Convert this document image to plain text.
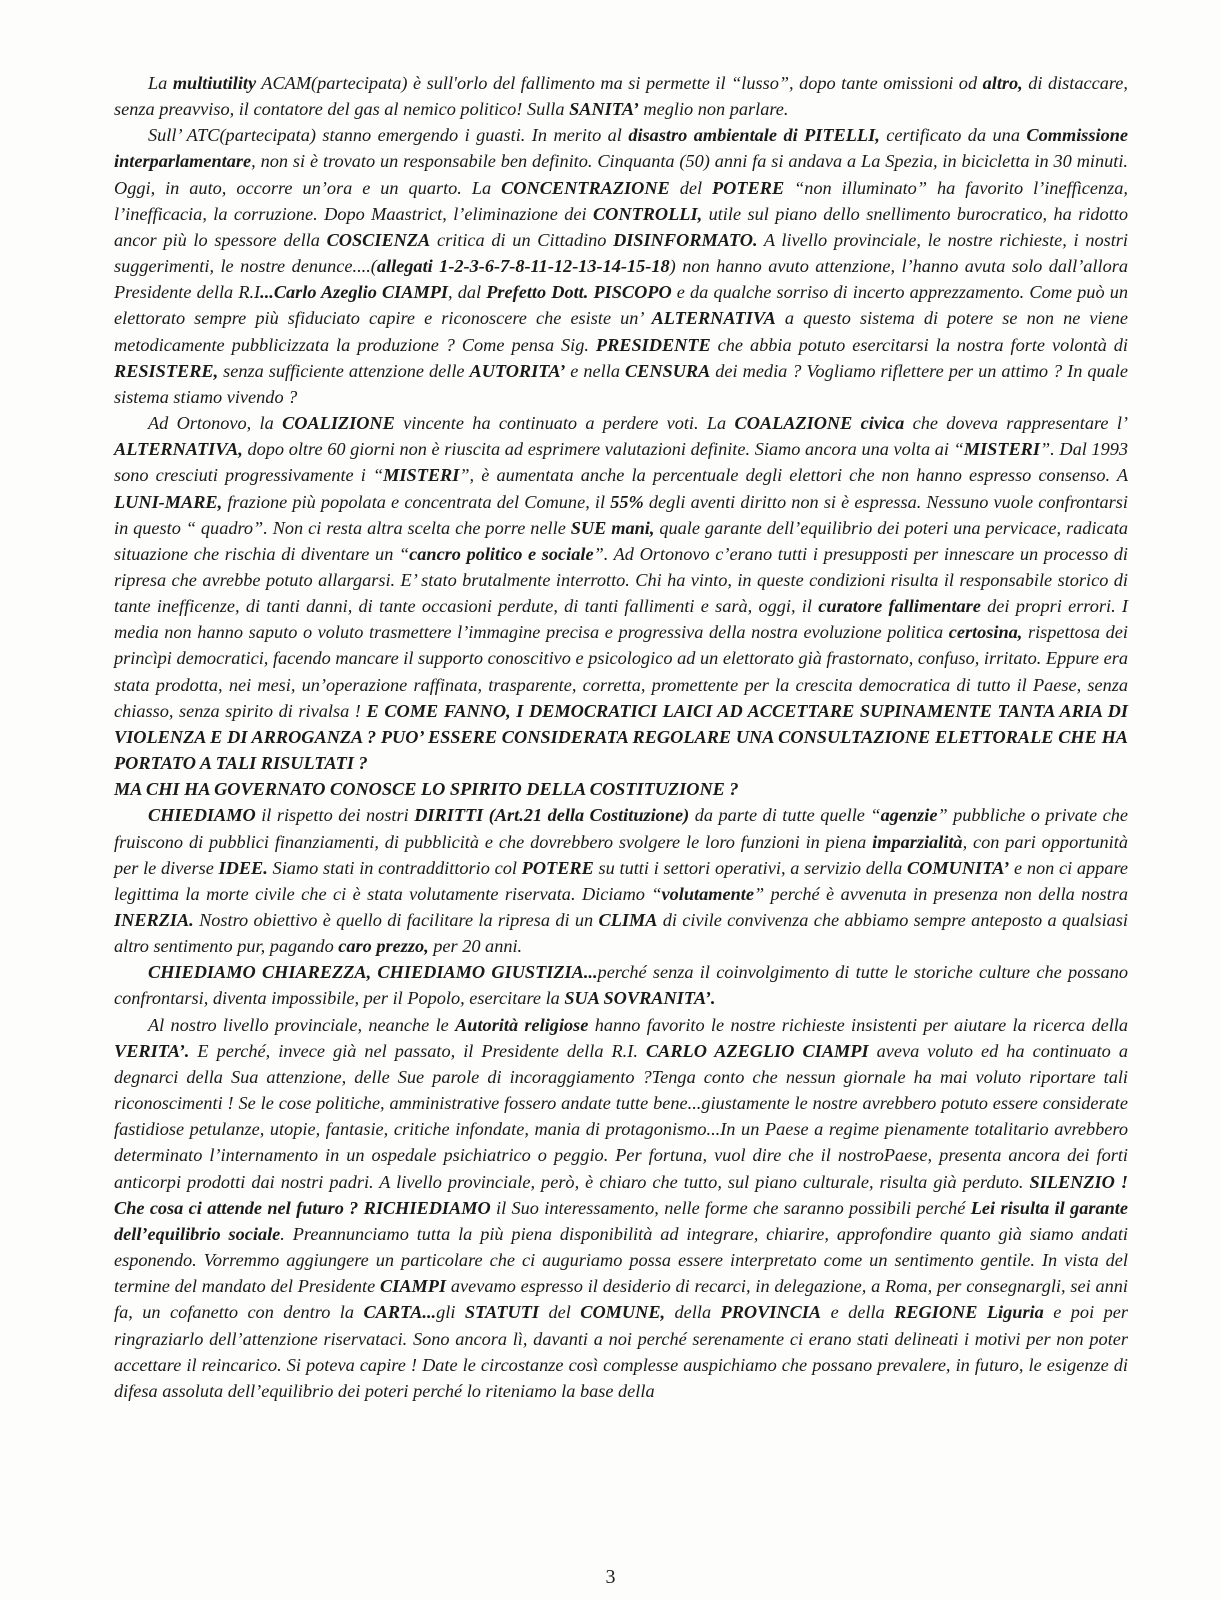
La multiutility ACAM(partecipata) è sull'orlo del fallimento ma si permette il “lusso”, dopo tante omissioni od altro, di distaccare, senza preavviso, il contatore del gas al nemico politico! Sulla SANITA’ meglio non parlare.

Sull’ ATC(partecipata) stanno emergendo i guasti. In merito al disastro ambientale di PITELLI, certificato da una Commissione interparlamentare, non si è trovato un responsabile ben definito. Cinquanta (50) anni fa si andava a La Spezia, in bicicletta in 30 minuti. Oggi, in auto, occorre un’ora e un quarto. La CONCENTRAZIONE del POTERE “non illuminato” ha favorito l’ineffìcenza, l’inefficacia, la corruzione. Dopo Maastrict, l’eliminazione dei CONTROLLI, utile sul piano dello snellimento burocratico, ha ridotto ancor più lo spessore della COSCIENZA critica di un Cittadino DISINFORMATO. A livello provinciale, le nostre richieste, i nostri suggerimenti, le nostre denunce....(allegati 1-2-3-6-7-8-11-12-13-14-15-18) non hanno avuto attenzione, l’hanno avuta solo dall’allora Presidente della R.I...Carlo Azeglio CIAMPI, dal Prefetto Dott. PISCOPO e da qualche sorriso di incerto apprezzamento. Come può un elettorato sempre più sfiduciato capire e riconoscere che esiste un’ ALTERNATIVA a questo sistema di potere se non ne viene metodicamente pubblicizzata la produzione ? Come pensa Sig. PRESIDENTE che abbia potuto esercitarsi la nostra forte volontà di RESISTERE, senza sufficiente attenzione delle AUTORITA’ e nella CENSURA dei media ? Vogliamo riflettere per un attimo ? In quale sistema stiamo vivendo ?

Ad Ortonovo, la COALIZIONE vincente ha continuato a perdere voti. La COALAZIONE civica che doveva rappresentare l’ ALTERNATIVA, dopo oltre 60 giorni non è riuscita ad esprimere valutazioni definite. Siamo ancora una volta ai “MISTERI”. Dal 1993 sono cresciuti progressivamente i “MISTERI”, è aumentata anche la percentuale degli elettori che non hanno espresso consenso. A LUNI-MARE, frazione più popolata e concentrata del Comune, il 55% degli aventi diritto non si è espressa. Nessuno vuole confrontarsi in questo “ quadro”. Non ci resta altra scelta che porre nelle SUE mani, quale garante dell’equilibrio dei poteri una pervicace, radicata situazione che rischia di diventare un “cancro politico e sociale”. Ad Ortonovo c’erano tutti i presupposti per innescare un processo di ripresa che avrebbe potuto allargarsi. E’ stato brutalmente interrotto. Chi ha vinto, in queste condizioni risulta il responsabile storico di tante inefficenze, di tanti danni, di tante occasioni perdute, di tanti fallimenti e sarà, oggi, il curatore fallimentare dei propri errori. I media non hanno saputo o voluto trasmettere l’immagine precisa e progressiva della nostra evoluzione politica certosina, rispettosa dei princìpi democratici, facendo mancare il supporto conoscitivo e psicologico ad un elettorato già frastornato, confuso, irritato. Eppure era stata prodotta, nei mesi, un’operazione raffinata, trasparente, corretta, promettente per la crescita democratica di tutto il Paese, senza chiasso, senza spirito di rivalsa ! E COME FANNO, I DEMOCRATICI LAICI AD ACCETTARE SUPINAMENTE TANTA ARIA DI VIOLENZA E DI ARROGANZA ? PUO’ ESSERE CONSIDERATA REGOLARE UNA CONSULTAZIONE ELETTORALE CHE HA PORTATO A TALI RISULTATI ?

MA CHI HA GOVERNATO CONOSCE LO SPIRITO DELLA COSTITUZIONE ?

CHIEDIAMO il rispetto dei nostri DIRITTI (Art.21 della Costituzione) da parte di tutte quelle “agenzie” pubbliche o private che fruiscono di pubblici finanziamenti, di pubblicità e che dovrebbero svolgere le loro funzioni in piena imparzialità, con pari opportunità per le diverse IDEE. Siamo stati in contraddittorio col POTERE su tutti i settori operativi, a servizio della COMUNITA’ e non ci appare legittima la morte civile che ci è stata volutamente riservata. Diciamo “volutamente” perché è avvenuta in presenza non della nostra INERZIA. Nostro obiettivo è quello di facilitare la ripresa di un CLIMA di civile convivenza che abbiamo sempre anteposto a qualsiasi altro sentimento pur, pagando caro prezzo, per 20 anni.

CHIEDIAMO CHIAREZZA, CHIEDIAMO GIUSTIZIA...perché senza il coinvolgimento di tutte le storiche culture che possano confrontarsi, diventa impossibile, per il Popolo, esercitare la SUA SOVRANITA’.

Al nostro livello provinciale, neanche le Autorità religiose hanno favorito le nostre richieste insistenti per aiutare la ricerca della VERITA’. E perché, invece già nel passato, il Presidente della R.I. CARLO AZEGLIO CIAMPI aveva voluto ed ha continuato a degnarci della Sua attenzione, delle Sue parole di incoraggiamento ?Tenga conto che nessun giornale ha mai voluto riportare tali riconoscimenti ! Se le cose politiche, amministrative fossero andate tutte bene...giustamente le nostre avrebbero potuto essere considerate fastidiose petulanze, utopie, fantasie, critiche infondate, mania di protagonismo...In un Paese a regime pienamente totalitario avrebbero determinato l’internamento in un ospedale psichiatrico o peggio. Per fortuna, vuol dire che il nostroPaese, presenta ancora dei forti anticorpi prodotti dai nostri padri. A livello provinciale, però, è chiaro che tutto, sul piano culturale, risulta già perduto. SILENZIO ! Che cosa ci attende nel futuro ? RICHIEDIAMO il Suo interessamento, nelle forme che saranno possibili perché Lei risulta il garante dell’equilibrio sociale. Preannunciamo tutta la più piena disponibilità ad integrare, chiarire, approfondire quanto già siamo andati esponendo. Vorremmo aggiungere un particolare che ci auguriamo possa essere interpretato come un sentimento gentile. In vista del termine del mandato del Presidente CIAMPI avevamo espresso il desiderio di recarci, in delegazione, a Roma, per consegnargli, sei anni fa, un cofanetto con dentro la CARTA...gli STATUTI del COMUNE, della PROVINCIA e della REGIONE Liguria e poi per ringraziarlo dell’attenzione riservataci. Sono ancora lì, davanti a noi perché serenamente ci erano stati delineati i motivi per non poter accettare il reincarico. Si poteva capire ! Date le circostanze così complesse auspichiamo che possano prevalere, in futuro, le esigenze di difesa assoluta dell’equilibrio dei poteri perché lo riteniamo la base della

3
